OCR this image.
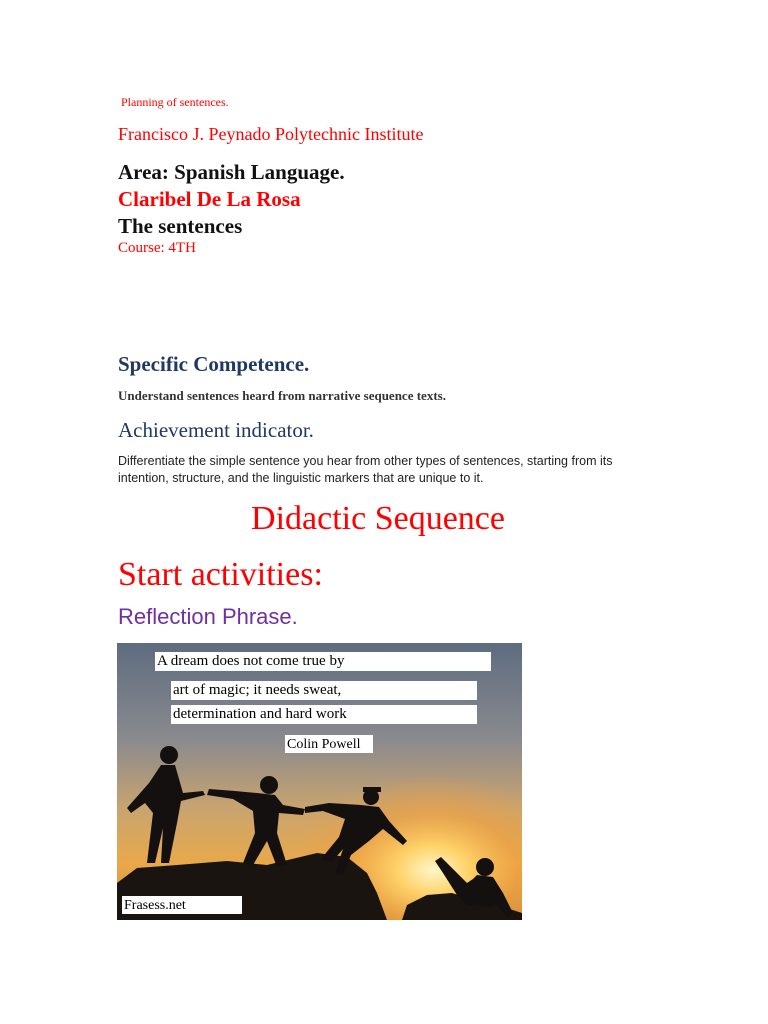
Planning of sentences.
Francisco J. Peynado Polytechnic Institute
Area: Spanish Language.
Claribel De La Rosa
The sentences
Course: 4TH
Specific Competence.
Understand sentences heard from narrative sequence texts.
Achievement indicator.
Differentiate the simple sentence you hear from other types of sentences, starting from its intention, structure, and the linguistic markers that are unique to it.
Didactic Sequence
Start activities:
Reflection Phrase.
A dream does not come true by
art of magic; it needs sweat,
determination and hard work
Colin Powell
Frasess.net
